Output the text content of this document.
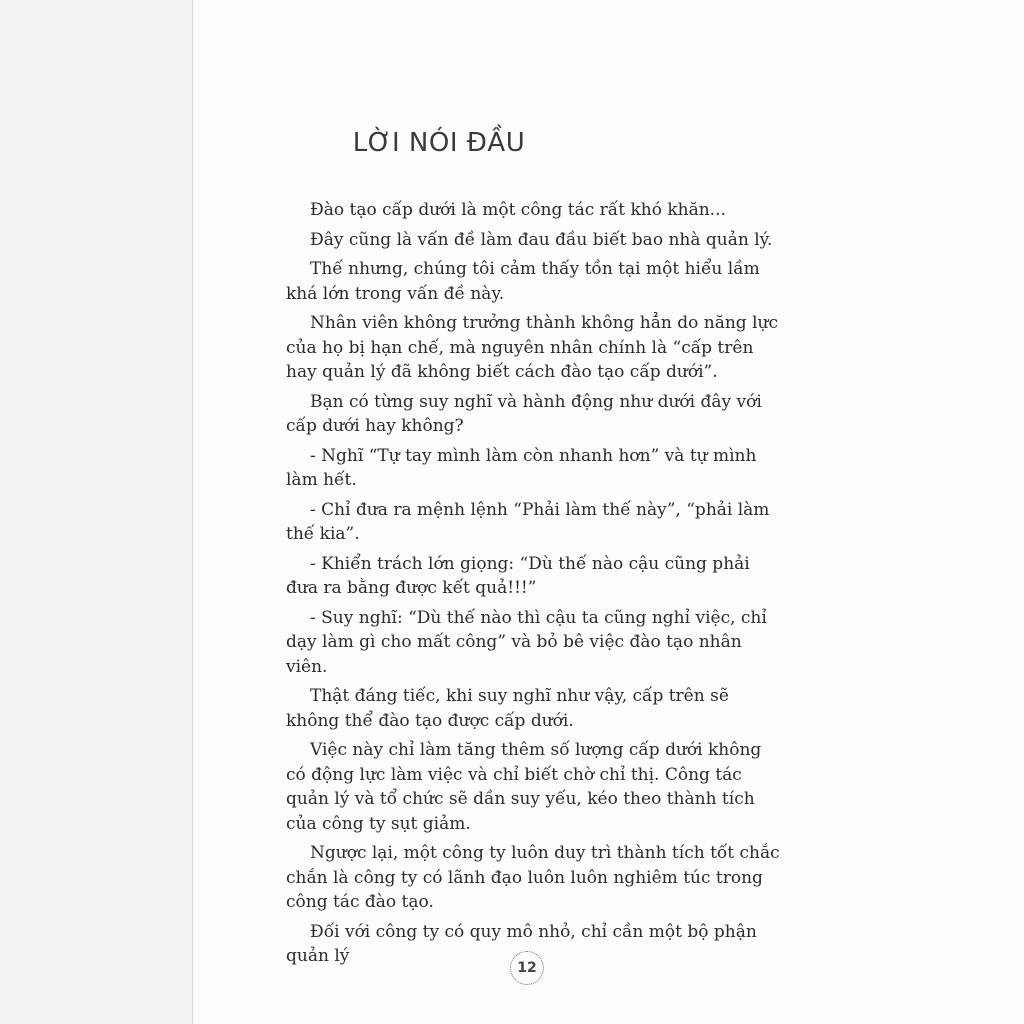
LỜI NÓI ĐẦU

Đào tạo cấp dưới là một công tác rất khó khăn...

Đây cũng là vấn đề làm đau đầu biết bao nhà quản lý.

Thế nhưng, chúng tôi cảm thấy tồn tại một hiểu lầm khá lớn trong vấn đề này.

Nhân viên không trưởng thành không hẳn do năng lực của họ bị hạn chế, mà nguyên nhân chính là “cấp trên hay quản lý đã không biết cách đào tạo cấp dưới”.

Bạn có từng suy nghĩ và hành động như dưới đây với cấp dưới hay không?

- Nghĩ “Tự tay mình làm còn nhanh hơn” và tự mình làm hết.

- Chỉ đưa ra mệnh lệnh “Phải làm thế này”, “phải làm thế kia”.

- Khiển trách lớn giọng: “Dù thế nào cậu cũng phải đưa ra bằng được kết quả!!!”

- Suy nghĩ: “Dù thế nào thì cậu ta cũng nghỉ việc, chỉ dạy làm gì cho mất công” và bỏ bê việc đào tạo nhân viên.

Thật đáng tiếc, khi suy nghĩ như vậy, cấp trên sẽ không thể đào tạo được cấp dưới.

Việc này chỉ làm tăng thêm số lượng cấp dưới không có động lực làm việc và chỉ biết chờ chỉ thị. Công tác quản lý và tổ chức sẽ dần suy yếu, kéo theo thành tích của công ty sụt giảm.

Ngược lại, một công ty luôn duy trì thành tích tốt chắc chắn là công ty có lãnh đạo luôn luôn nghiêm túc trong công tác đào tạo.

Đối với công ty có quy mô nhỏ, chỉ cần một bộ phận quản lý

12
